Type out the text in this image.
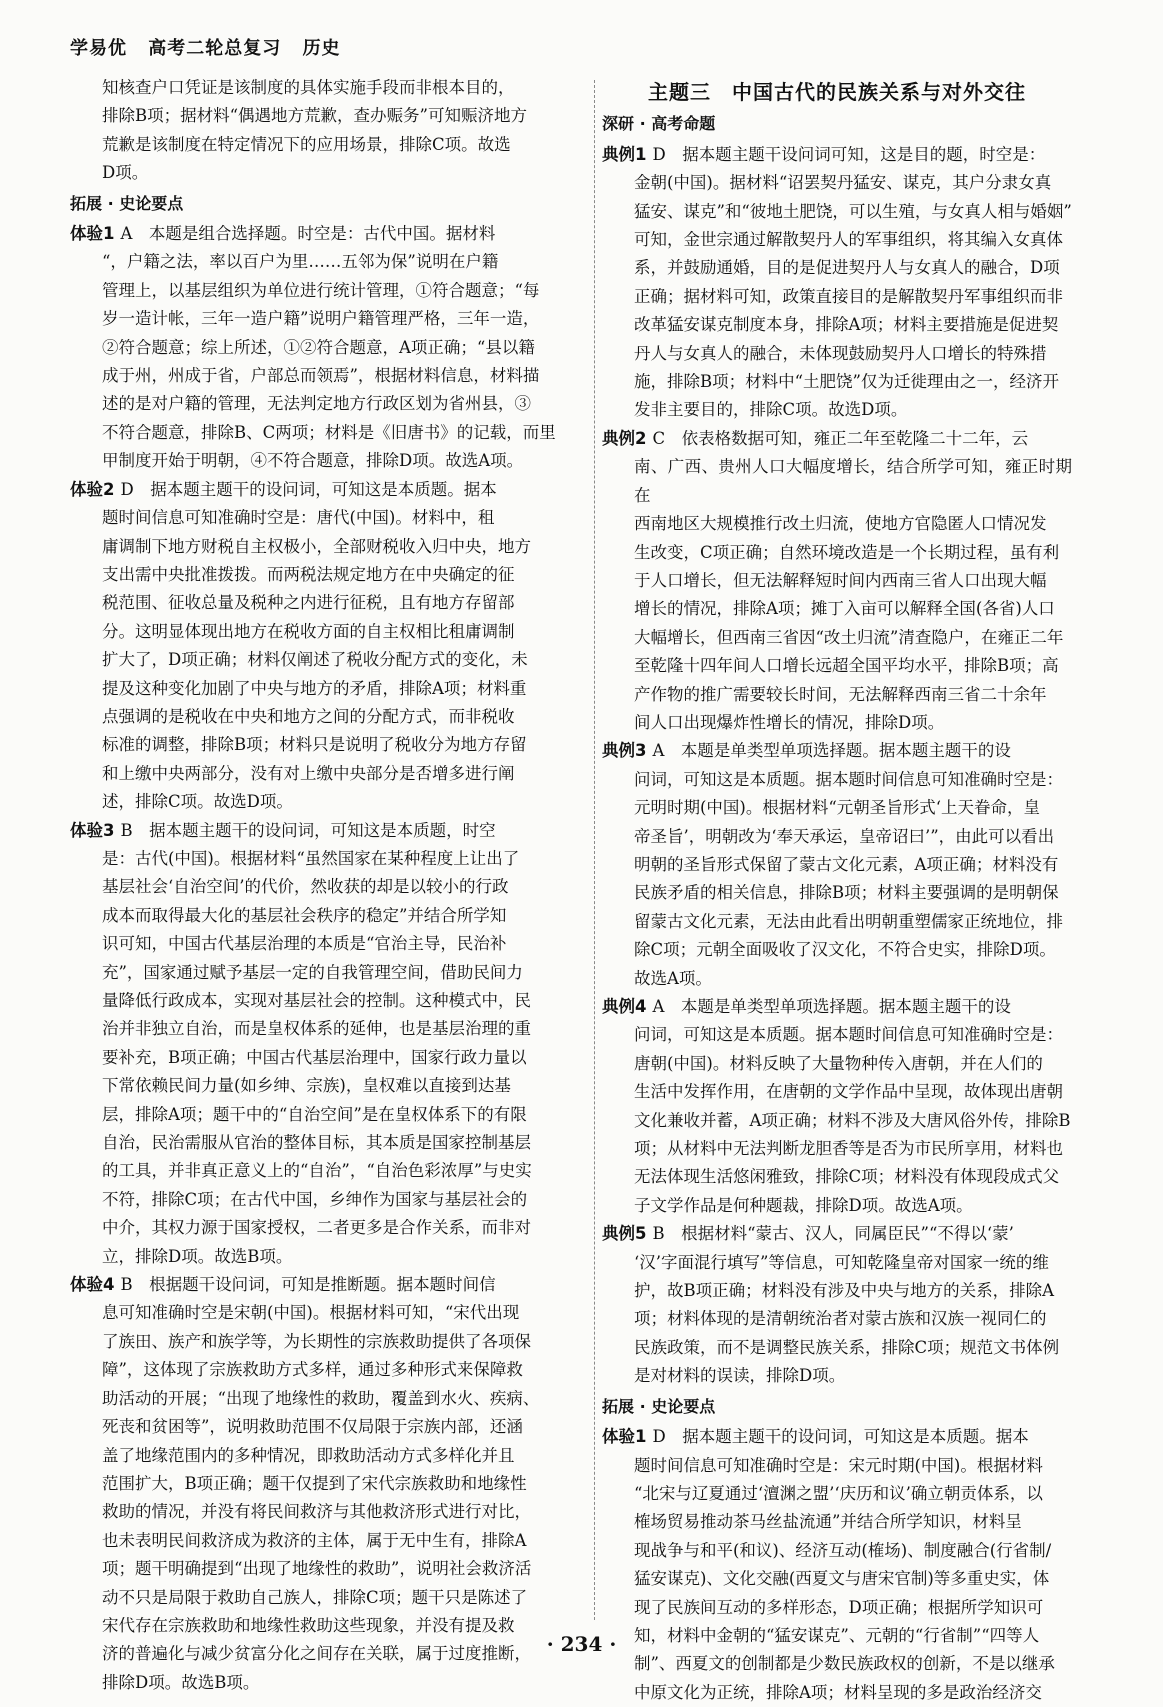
学易优 高考二轮总复习 历史

知核查户口凭证是该制度的具体实施手段而非根本目的，

排除B项；据材料“偶遇地方荒歉，查办赈务”可知赈济地方

荒歉是该制度在特定情况下的应用场景，排除C项。故选

D项。

拓展 · 史论要点

体验1 A　本题是组合选择题。时空是：古代中国。据材料

“，户籍之法，率以百户为里……五邻为保”说明在户籍

管理上，以基层组织为单位进行统计管理，①符合题意；“每

岁一造计帐，三年一造户籍”说明户籍管理严格，三年一造，

②符合题意；综上所述，①②符合题意，A项正确；“县以籍

成于州，州成于省，户部总而领焉”，根据材料信息，材料描

述的是对户籍的管理，无法判定地方行政区划为省州县，③

不符合题意，排除B、C两项；材料是《旧唐书》的记载，而里

甲制度开始于明朝，④不符合题意，排除D项。故选A项。

体验2 D　据本题主题干的设问词，可知这是本质题。据本

题时间信息可知准确时空是：唐代(中国)。材料中，租

庸调制下地方财税自主权极小，全部财税收入归中央，地方

支出需中央批准拨拨。而两税法规定地方在中央确定的征

税范围、征收总量及税种之内进行征税，且有地方存留部

分。这明显体现出地方在税收方面的自主权相比租庸调制

扩大了，D项正确；材料仅阐述了税收分配方式的变化，未

提及这种变化加剧了中央与地方的矛盾，排除A项；材料重

点强调的是税收在中央和地方之间的分配方式，而非税收

标准的调整，排除B项；材料只是说明了税收分为地方存留

和上缴中央两部分，没有对上缴中央部分是否增多进行阐

述，排除C项。故选D项。

体验3 B　据本题主题干的设问词，可知这是本质题，时空

是：古代(中国)。根据材料“虽然国家在某种程度上让出了

基层社会‘自治空间’的代价，然收获的却是以较小的行政

成本而取得最大化的基层社会秩序的稳定”并结合所学知

识可知，中国古代基层治理的本质是“官治主导，民治补

充”，国家通过赋予基层一定的自我管理空间，借助民间力

量降低行政成本，实现对基层社会的控制。这种模式中，民

治并非独立自治，而是皇权体系的延伸，也是基层治理的重

要补充，B项正确；中国古代基层治理中，国家行政力量以

下常依赖民间力量(如乡绅、宗族)，皇权难以直接到达基

层，排除A项；题干中的“自治空间”是在皇权体系下的有限

自治，民治需服从官治的整体目标，其本质是国家控制基层

的工具，并非真正意义上的“自治”，“自治色彩浓厚”与史实

不符，排除C项；在古代中国，乡绅作为国家与基层社会的

中介，其权力源于国家授权，二者更多是合作关系，而非对

立，排除D项。故选B项。

体验4 B　根据题干设问词，可知是推断题。据本题时间信

息可知准确时空是宋朝(中国)。根据材料可知，“宋代出现

了族田、族产和族学等，为长期性的宗族救助提供了各项保

障”，这体现了宗族救助方式多样，通过多种形式来保障救

助活动的开展；“出现了地缘性的救助，覆盖到水火、疾病、

死丧和贫困等”，说明救助范围不仅局限于宗族内部，还涵

盖了地缘范围内的多种情况，即救助活动方式多样化并且

范围扩大，B项正确；题干仅提到了宋代宗族救助和地缘性

救助的情况，并没有将民间救济与其他救济形式进行对比，

也未表明民间救济成为救济的主体，属于无中生有，排除A

项；题干明确提到“出现了地缘性的救助”，说明社会救济活

动不只是局限于救助自己族人，排除C项；题干只是陈述了

宋代存在宗族救助和地缘性救助这些现象，并没有提及救

济的普遍化与减少贫富分化之间存在关联，属于过度推断，

排除D项。故选B项。

主题三　中国古代的民族关系与对外交往
深研 · 高考命题

典例1 D　据本题主题干设问词可知，这是目的题，时空是：

金朝(中国)。据材料“诏罢契丹猛安、谋克，其户分隶女真

猛安、谋克”和“彼地土肥饶，可以生殖，与女真人相与婚姻”

可知，金世宗通过解散契丹人的军事组织，将其编入女真体

系，并鼓励通婚，目的是促进契丹人与女真人的融合，D项

正确；据材料可知，政策直接目的是解散契丹军事组织而非

改革猛安谋克制度本身，排除A项；材料主要措施是促进契

丹人与女真人的融合，未体现鼓励契丹人口增长的特殊措

施，排除B项；材料中“土肥饶”仅为迁徙理由之一，经济开

发非主要目的，排除C项。故选D项。

典例2 C　依表格数据可知，雍正二年至乾隆二十二年，云

南、广西、贵州人口大幅度增长，结合所学可知，雍正时期在

西南地区大规模推行改土归流，使地方官隐匿人口情况发

生改变，C项正确；自然环境改造是一个长期过程，虽有利

于人口增长，但无法解释短时间内西南三省人口出现大幅

增长的情况，排除A项；摊丁入亩可以解释全国(各省)人口

大幅增长，但西南三省因“改土归流”清查隐户，在雍正二年

至乾隆十四年间人口增长远超全国平均水平，排除B项；高

产作物的推广需要较长时间，无法解释西南三省二十余年

间人口出现爆炸性增长的情况，排除D项。

典例3 A　本题是单类型单项选择题。据本题主题干的设

问词，可知这是本质题。据本题时间信息可知准确时空是：

元明时期(中国)。根据材料“元朝圣旨形式‘上天眷命，皇

帝圣旨’，明朝改为‘奉天承运，皇帝诏曰’”，由此可以看出

明朝的圣旨形式保留了蒙古文化元素，A项正确；材料没有

民族矛盾的相关信息，排除B项；材料主要强调的是明朝保

留蒙古文化元素，无法由此看出明朝重塑儒家正统地位，排

除C项；元朝全面吸收了汉文化，不符合史实，排除D项。

故选A项。

典例4 A　本题是单类型单项选择题。据本题主题干的设

问词，可知这是本质题。据本题时间信息可知准确时空是：

唐朝(中国)。材料反映了大量物种传入唐朝，并在人们的

生活中发挥作用，在唐朝的文学作品中呈现，故体现出唐朝

文化兼收并蓄，A项正确；材料不涉及大唐风俗外传，排除B

项；从材料中无法判断龙胆香等是否为市民所享用，材料也

无法体现生活悠闲雅致，排除C项；材料没有体现段成式父

子文学作品是何种题裁，排除D项。故选A项。

典例5 B　根据材料“蒙古、汉人，同属臣民”“不得以‘蒙’

‘汉’字面混行填写”等信息，可知乾隆皇帝对国家一统的维

护，故B项正确；材料没有涉及中央与地方的关系，排除A

项；材料体现的是清朝统治者对蒙古族和汉族一视同仁的

民族政策，而不是调整民族关系，排除C项；规范文书体例

是对材料的误读，排除D项。

拓展 · 史论要点

体验1 D　据本题主题干的设问词，可知这是本质题。据本

题时间信息可知准确时空是：宋元时期(中国)。根据材料

“北宋与辽夏通过‘澶渊之盟’‘庆历和议’确立朝贡体系，以

榷场贸易推动茶马丝盐流通”并结合所学知识，材料呈

现战争与和平(和议)、经济互动(榷场)、制度融合(行省制/

猛安谋克)、文化交融(西夏文与唐宋官制)等多重史实，体

现了民族间互动的多样形态，D项正确；根据所学知识可

知，材料中金朝的“猛安谋克”、元朝的“行省制”“四等人

制”、西夏文的创制都是少数民族政权的创新，不是以继承

中原文化为正统，排除A项；材料呈现的多是政治经济交

· 234 ·
